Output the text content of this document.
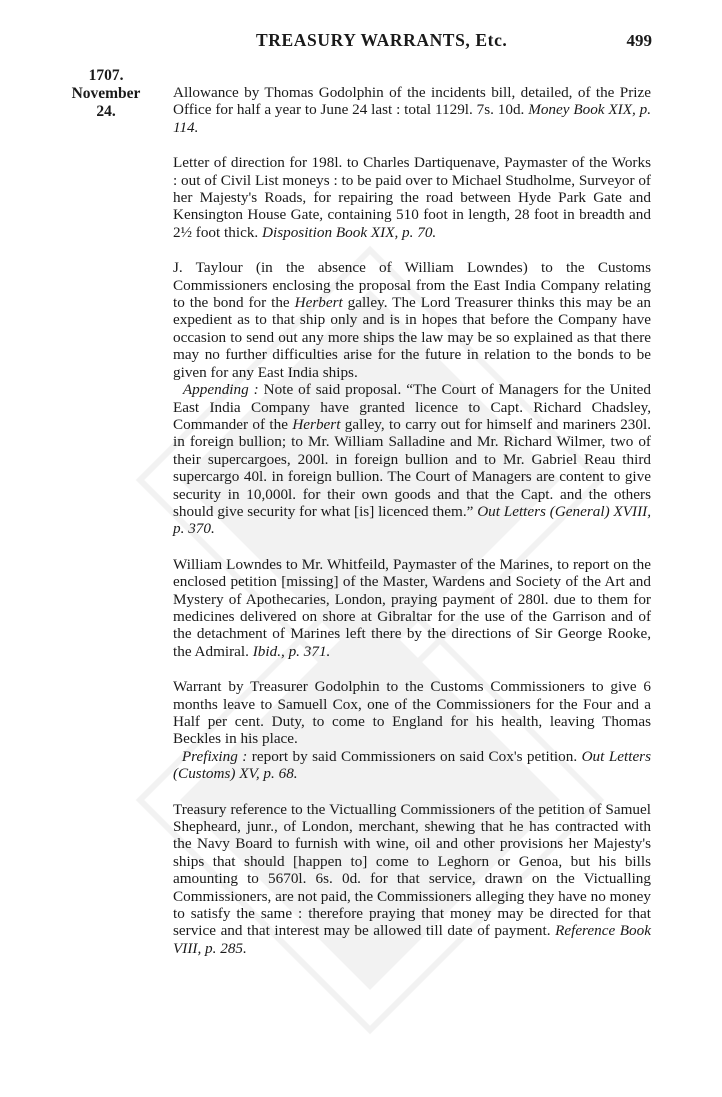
TREASURY WARRANTS, Etc.	499
1707.
November
24.

Allowance by Thomas Godolphin of the incidents bill, detailed, of the Prize Office for half a year to June 24 last : total 1129l. 7s. 10d. Money Book XIX, p. 114.

Letter of direction for 198l. to Charles Dartiquenave, Paymaster of the Works : out of Civil List moneys : to be paid over to Michael Studholme, Surveyor of her Majesty's Roads, for repairing the road between Hyde Park Gate and Kensington House Gate, containing 510 foot in length, 28 foot in breadth and 2½ foot thick. Disposition Book XIX, p. 70.

J. Taylour (in the absence of William Lowndes) to the Customs Commissioners enclosing the proposal from the East India Company relating to the bond for the Herbert galley. The Lord Treasurer thinks this may be an expedient as to that ship only and is in hopes that before the Company have occasion to send out any more ships the law may be so explained as that there may no further difficulties arise for the future in relation to the bonds to be given for any East India ships.

Appending : Note of said proposal. “The Court of Managers for the United East India Company have granted licence to Capt. Richard Chadsley, Commander of the Herbert galley, to carry out for himself and mariners 230l. in foreign bullion; to Mr. William Salladine and Mr. Richard Wilmer, two of their supercargoes, 200l. in foreign bullion and to Mr. Gabriel Reau third supercargo 40l. in foreign bullion. The Court of Managers are content to give security in 10,000l. for their own goods and that the Capt. and the others should give security for what [is] licenced them.” Out Letters (General) XVIII, p. 370.

William Lowndes to Mr. Whitfeild, Paymaster of the Marines, to report on the enclosed petition [missing] of the Master, Wardens and Society of the Art and Mystery of Apothecaries, London, praying payment of 280l. due to them for medicines delivered on shore at Gibraltar for the use of the Garrison and of the detachment of Marines left there by the directions of Sir George Rooke, the Admiral. Ibid., p. 371.

Warrant by Treasurer Godolphin to the Customs Commissioners to give 6 months leave to Samuell Cox, one of the Commissioners for the Four and a Half per cent. Duty, to come to England for his health, leaving Thomas Beckles in his place.

Prefixing : report by said Commissioners on said Cox's petition. Out Letters (Customs) XV, p. 68.

Treasury reference to the Victualling Commissioners of the petition of Samuel Shepheard, junr., of London, merchant, shewing that he has contracted with the Navy Board to furnish with wine, oil and other provisions her Majesty's ships that should [happen to] come to Leghorn or Genoa, but his bills amounting to 5670l. 6s. 0d. for that service, drawn on the Victualling Commissioners, are not paid, the Commissioners alleging they have no money to satisfy the same : therefore praying that money may be directed for that service and that interest may be allowed till date of payment. Reference Book VIII, p. 285.
